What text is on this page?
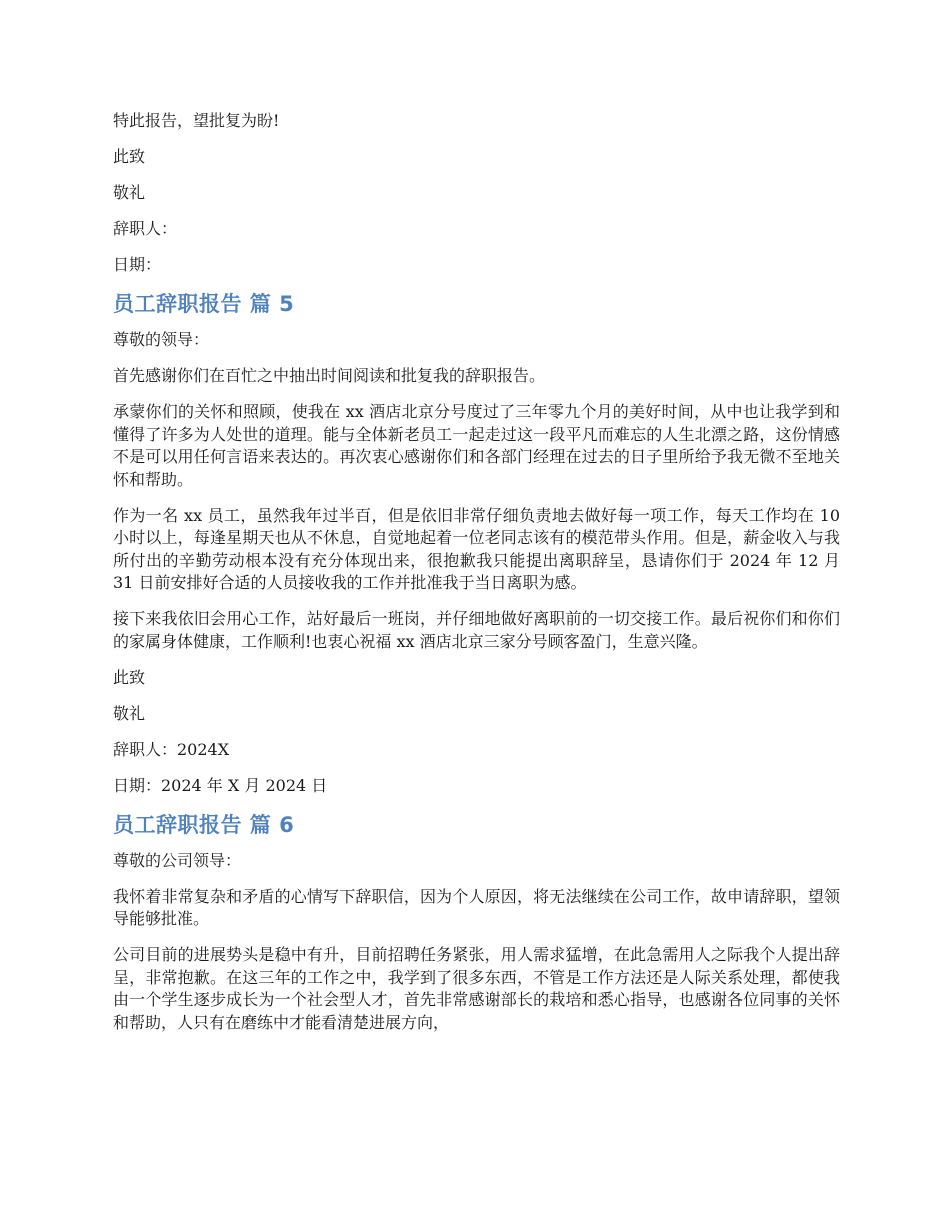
特此报告，望批复为盼!

此致

敬礼

辞职人：

日期：

员工辞职报告 篇 5

尊敬的领导：

首先感谢你们在百忙之中抽出时间阅读和批复我的辞职报告。

承蒙你们的关怀和照顾，使我在 xx 酒店北京分号度过了三年零九个月的美好时间，从中也让我学到和懂得了许多为人处世的道理。能与全体新老员工一起走过这一段平凡而难忘的人生北漂之路，这份情感不是可以用任何言语来表达的。再次衷心感谢你们和各部门经理在过去的日子里所给予我无微不至地关怀和帮助。

作为一名 xx 员工，虽然我年过半百，但是依旧非常仔细负责地去做好每一项工作，每天工作均在 10 小时以上，每逢星期天也从不休息，自觉地起着一位老同志该有的模范带头作用。但是，薪金收入与我所付出的辛勤劳动根本没有充分体现出来，很抱歉我只能提出离职辞呈，恳请你们于 2024 年 12 月 31 日前安排好合适的人员接收我的工作并批准我于当日离职为感。

接下来我依旧会用心工作，站好最后一班岗，并仔细地做好离职前的一切交接工作。最后祝你们和你们的家属身体健康，工作顺利!也衷心祝福 xx 酒店北京三家分号顾客盈门，生意兴隆。

此致

敬礼

辞职人：2024X

日期：2024 年 X 月 2024 日

员工辞职报告 篇 6

尊敬的公司领导：

我怀着非常复杂和矛盾的心情写下辞职信，因为个人原因，将无法继续在公司工作，故申请辞职，望领导能够批准。

公司目前的进展势头是稳中有升，目前招聘任务紧张，用人需求猛增，在此急需用人之际我个人提出辞呈，非常抱歉。在这三年的工作之中，我学到了很多东西，不管是工作方法还是人际关系处理，都使我由一个学生逐步成长为一个社会型人才，首先非常感谢部长的栽培和悉心指导，也感谢各位同事的关怀和帮助，人只有在磨练中才能看清楚进展方向，
